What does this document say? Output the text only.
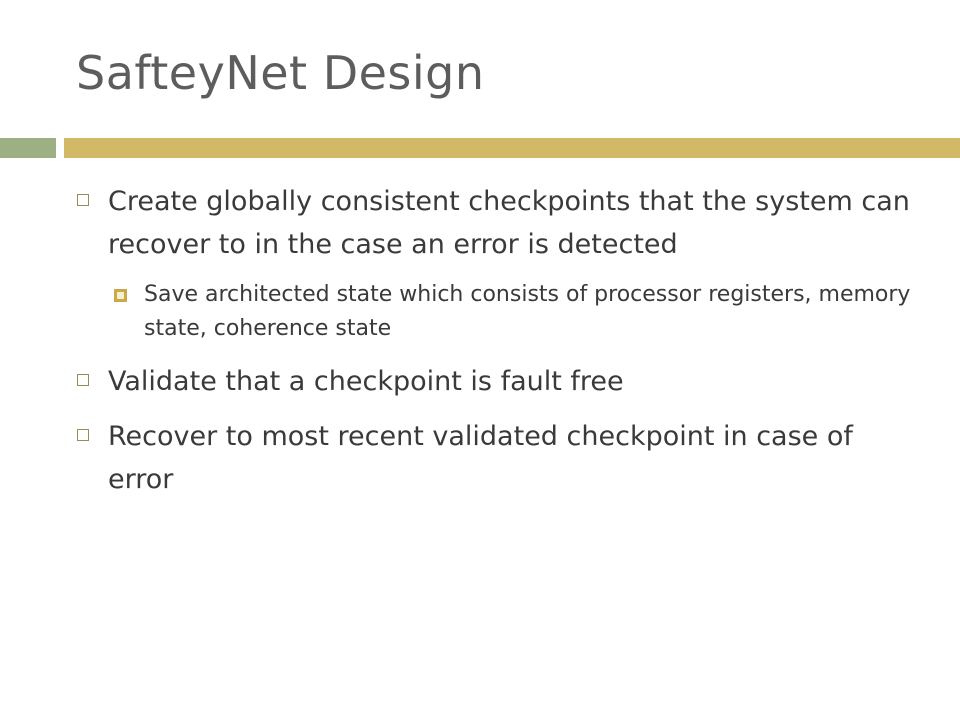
SafteyNet Design
Create globally consistent checkpoints that the system can recover to in the case an error is detected
Save architected state which consists of processor registers, memory state, coherence state
Validate that a checkpoint is fault free
Recover to most recent validated checkpoint in case of error
